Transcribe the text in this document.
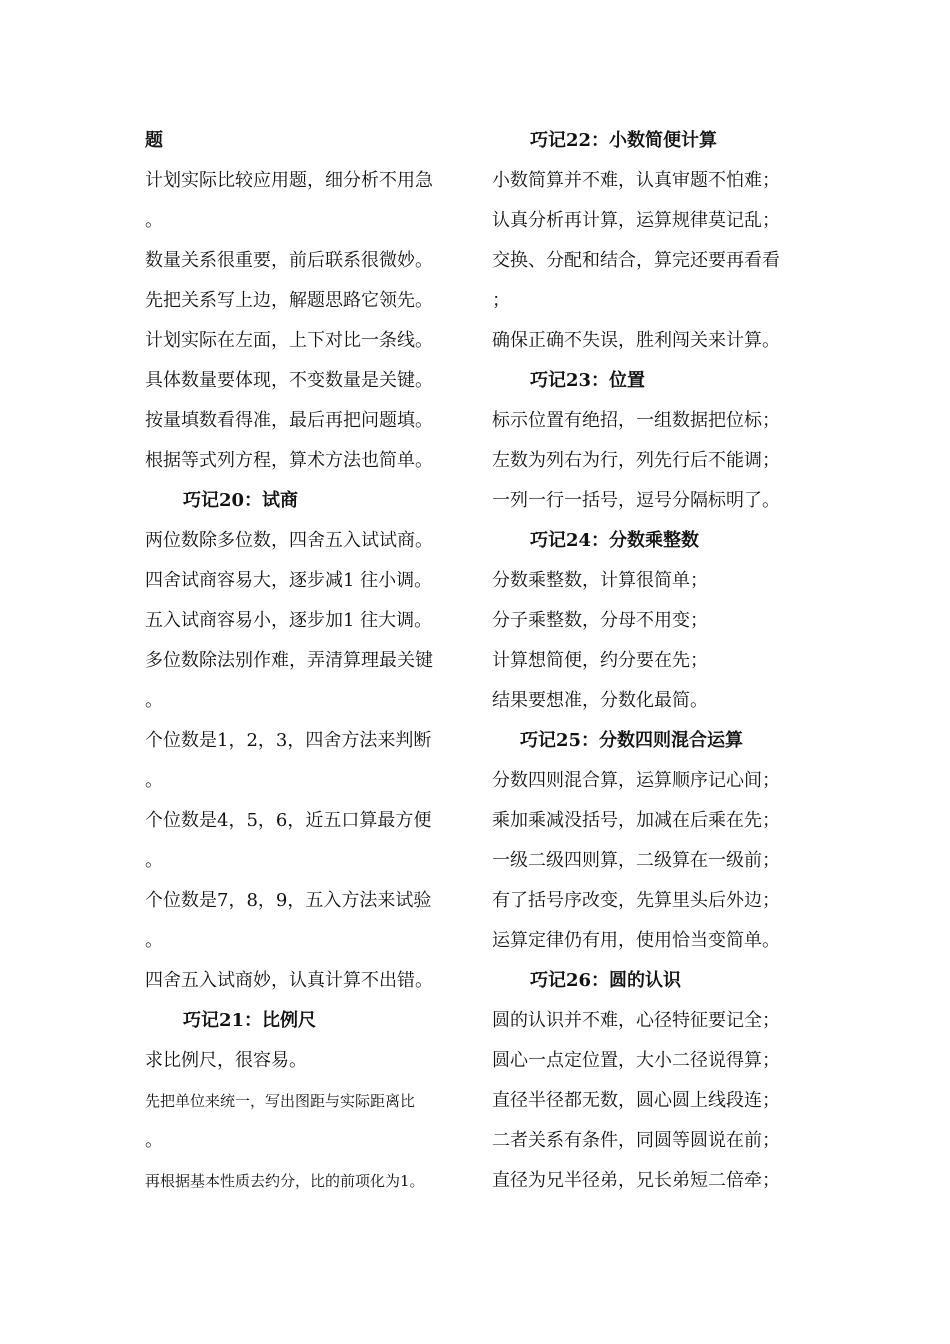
题
计划实际比较应用题，细分析不用急
。
数量关系很重要，前后联系很微妙。
先把关系写上边，解题思路它领先。
计划实际在左面，上下对比一条线。
具体数量要体现，不变数量是关键。
按量填数看得准，最后再把问题填。
根据等式列方程，算术方法也简单。
巧记20：试商
两位数除多位数，四舍五入试试商。
四舍试商容易大，逐步减1 往小调。
五入试商容易小，逐步加1 往大调。
多位数除法别作难，弄清算理最关键
。
个位数是1，2，3，四舍方法来判断
。
个位数是4，5，6，近五口算最方便
。
个位数是7，8，9，五入方法来试验
。
四舍五入试商妙，认真计算不出错。
巧记21：比例尺
求比例尺，很容易。
先把单位来统一，写出图距与实际距离比
。
再根据基本性质去约分，比的前项化为1。
巧记22：小数简便计算
小数简算并不难，认真审题不怕难；
认真分析再计算，运算规律莫记乱；
交换、分配和结合，算完还要再看看
；
确保正确不失误，胜利闯关来计算。
巧记23：位置
标示位置有绝招，一组数据把位标；
左数为列右为行，列先行后不能调；
一列一行一括号，逗号分隔标明了。
巧记24：分数乘整数
分数乘整数，计算很简单；
分子乘整数，分母不用变；
计算想简便，约分要在先；
结果要想准，分数化最简。
巧记25：分数四则混合运算
分数四则混合算，运算顺序记心间；
乘加乘减没括号，加减在后乘在先；
一级二级四则算，二级算在一级前；
有了括号序改变，先算里头后外边；
运算定律仍有用，使用恰当变简单。
巧记26：圆的认识
圆的认识并不难，心径特征要记全；
圆心一点定位置，大小二径说得算；
直径半径都无数，圆心圆上线段连；
二者关系有条件，同圆等圆说在前；
直径为兄半径弟，兄长弟短二倍牵；
